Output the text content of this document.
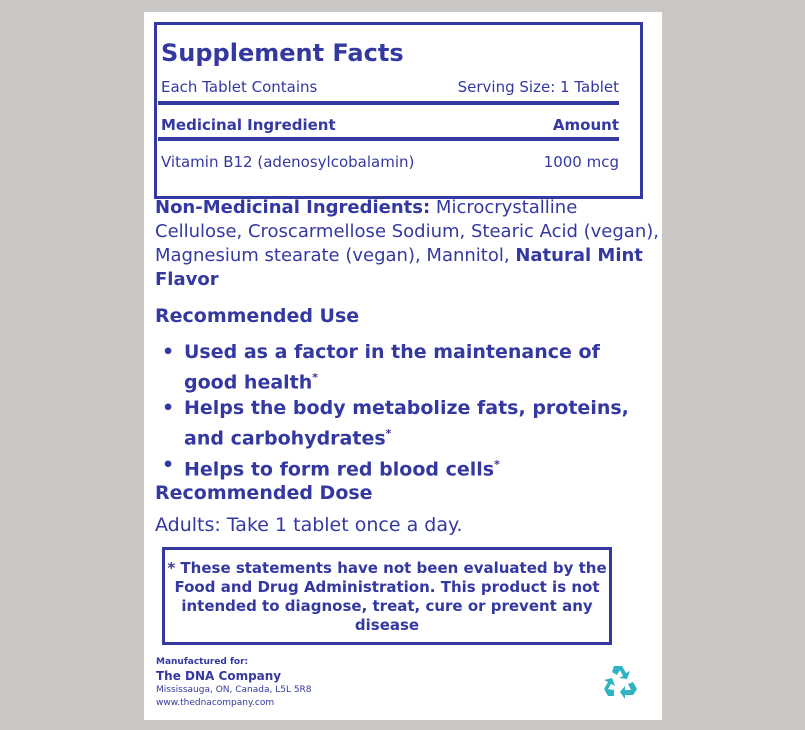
Supplement Facts
Each Tablet Contains	Serving Size: 1 Tablet
Medicinal Ingredient	Amount
Vitamin B12 (adenosylcobalamin)	1000 mcg
Non-Medicinal Ingredients: Microcrystalline Cellulose, Croscarmellose Sodium, Stearic Acid (vegan), Magnesium stearate (vegan), Mannitol, Natural Mint Flavor
Recommended Use
• Used as a factor in the maintenance of good health*
• Helps the body metabolize fats, proteins, and carbohydrates*
• Helps to form red blood cells*
Recommended Dose
Adults: Take 1 tablet once a day.
* These statements have not been evaluated by the Food and Drug Administration. This product is not intended to diagnose, treat, cure or prevent any disease
Manufactured for:
The DNA Company
Mississauga, ON, Canada, L5L 5R8
www.thednacompany.com
